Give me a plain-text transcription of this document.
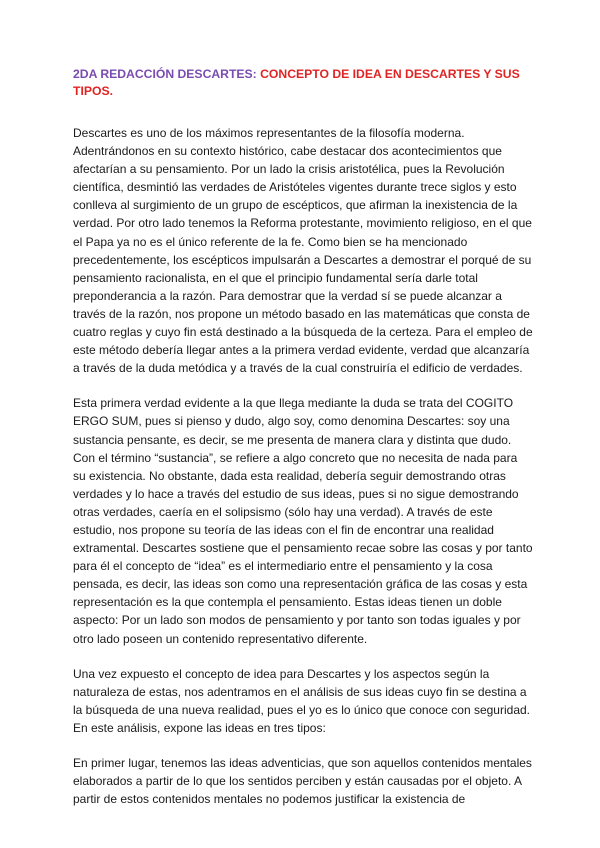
2DA REDACCIÓN DESCARTES: CONCEPTO DE IDEA EN DESCARTES Y SUS TIPOS.

Descartes es uno de los máximos representantes de la filosofía moderna. Adentrándonos en su contexto histórico, cabe destacar dos acontecimientos que afectarían a su pensamiento. Por un lado la crisis aristotélica, pues la Revolución científica, desmintió las verdades de Aristóteles vigentes durante trece siglos y esto conlleva al surgimiento de un grupo de escépticos, que afirman la inexistencia de la verdad. Por otro lado tenemos la Reforma protestante, movimiento religioso, en el que el Papa ya no es el único referente de la fe. Como bien se ha mencionado precedentemente, los escépticos impulsarán a Descartes a demostrar el porqué de su pensamiento racionalista, en el que el principio fundamental sería darle total preponderancia a la razón. Para demostrar que la verdad sí se puede alcanzar a través de la razón, nos propone un método basado en las matemáticas que consta de cuatro reglas y cuyo fin está destinado a la búsqueda de la certeza. Para el empleo de este método debería llegar antes a la primera verdad evidente, verdad que alcanzaría a través de la duda metódica y a través de la cual construiría el edificio de verdades.

Esta primera verdad evidente a la que llega mediante la duda se trata del COGITO ERGO SUM, pues si pienso y dudo, algo soy, como denomina Descartes: soy una sustancia pensante, es decir, se me presenta de manera clara y distinta que dudo. Con el término “sustancia”, se refiere a algo concreto que no necesita de nada para su existencia. No obstante, dada esta realidad, debería seguir demostrando otras verdades y lo hace a través del estudio de sus ideas, pues si no sigue demostrando otras verdades, caería en el solipsismo (sólo hay una verdad). A través de este estudio, nos propone su teoría de las ideas con el fin de encontrar una realidad extramental. Descartes sostiene que el pensamiento recae sobre las cosas y por tanto para él el concepto de “idea” es el intermediario entre el pensamiento y la cosa pensada, es decir, las ideas son como una representación gráfica de las cosas y esta representación es la que contempla el pensamiento. Estas ideas tienen un doble aspecto: Por un lado son modos de pensamiento y por tanto son todas iguales y por otro lado poseen un contenido representativo diferente.

Una vez expuesto el concepto de idea para Descartes y los aspectos según la naturaleza de estas, nos adentramos en el análisis de sus ideas cuyo fin se destina a la búsqueda de una nueva realidad, pues el yo es lo único que conoce con seguridad. En este análisis, expone las ideas en tres tipos:

En primer lugar, tenemos las ideas adventicias, que son aquellos contenidos mentales elaborados a partir de lo que los sentidos perciben y están causadas por el objeto. A partir de estos contenidos mentales no podemos justificar la existencia de
